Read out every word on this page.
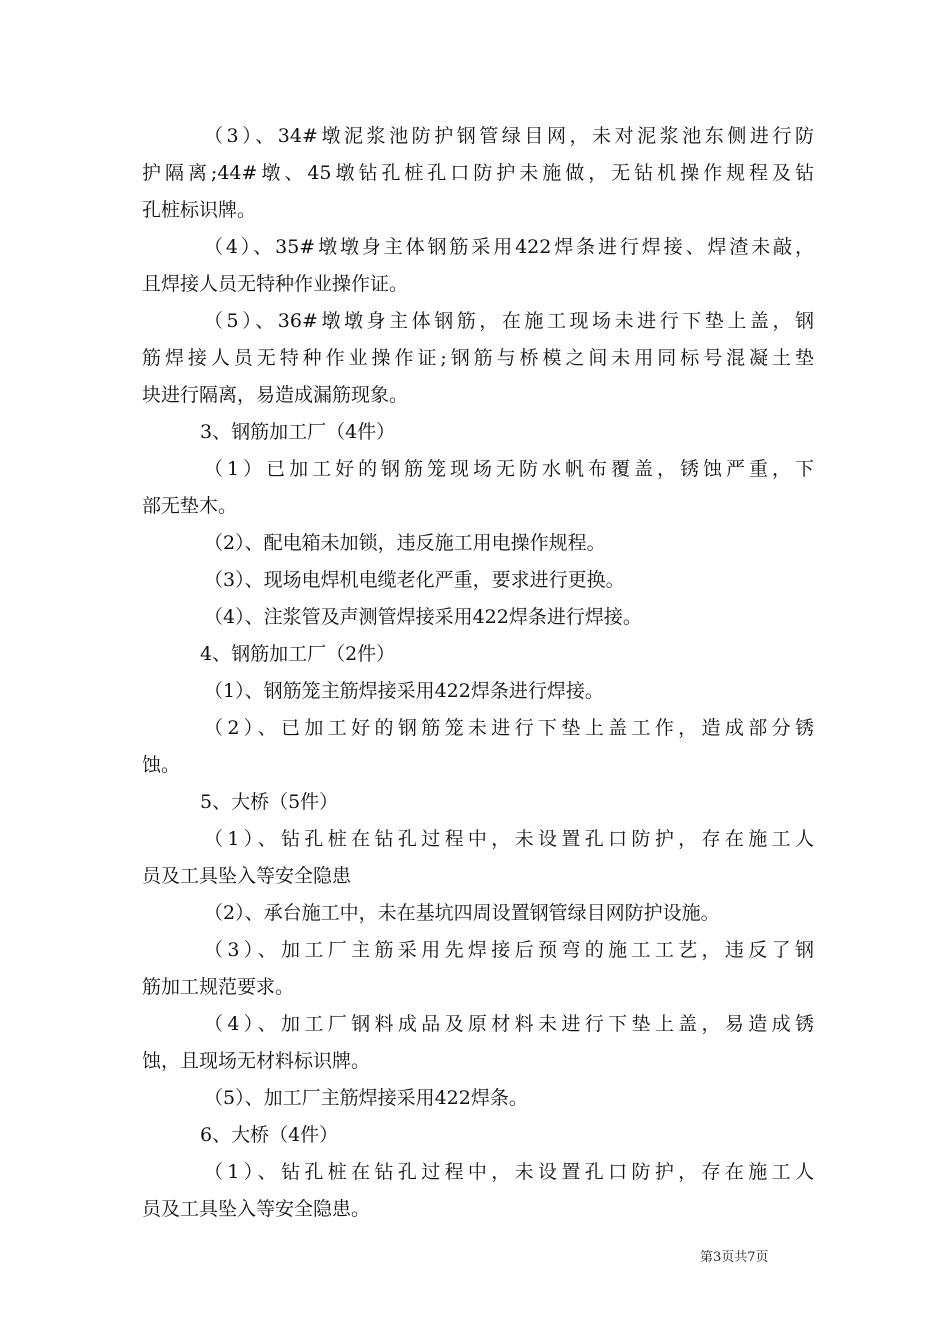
（3）、34#墩泥浆池防护钢管绿目网，未对泥浆池东侧进行防
护隔离;44#墩、45墩钻孔桩孔口防护未施做，无钻机操作规程及钻
孔桩标识牌。
（4）、35#墩墩身主体钢筋采用422焊条进行焊接、焊渣未敲，
且焊接人员无特种作业操作证。
（5）、36#墩墩身主体钢筋，在施工现场未进行下垫上盖，钢
筋焊接人员无特种作业操作证;钢筋与桥模之间未用同标号混凝土垫
块进行隔离，易造成漏筋现象。
3、钢筋加工厂（4件）
（1）已加工好的钢筋笼现场无防水帆布覆盖，锈蚀严重，下
部无垫木。
（2）、配电箱未加锁，违反施工用电操作规程。
（3）、现场电焊机电缆老化严重，要求进行更换。
（4）、注浆管及声测管焊接采用422焊条进行焊接。
4、钢筋加工厂（2件）
（1）、钢筋笼主筋焊接采用422焊条进行焊接。
（2）、已加工好的钢筋笼未进行下垫上盖工作，造成部分锈
蚀。
5、大桥（5件）
（1）、钻孔桩在钻孔过程中，未设置孔口防护，存在施工人
员及工具坠入等安全隐患
（2）、承台施工中，未在基坑四周设置钢管绿目网防护设施。
（3）、加工厂主筋采用先焊接后预弯的施工工艺，违反了钢
筋加工规范要求。
（4）、加工厂钢料成品及原材料未进行下垫上盖，易造成锈
蚀，且现场无材料标识牌。
（5）、加工厂主筋焊接采用422焊条。
6、大桥（4件）
（1）、钻孔桩在钻孔过程中，未设置孔口防护，存在施工人
员及工具坠入等安全隐患。
第3页共7页
